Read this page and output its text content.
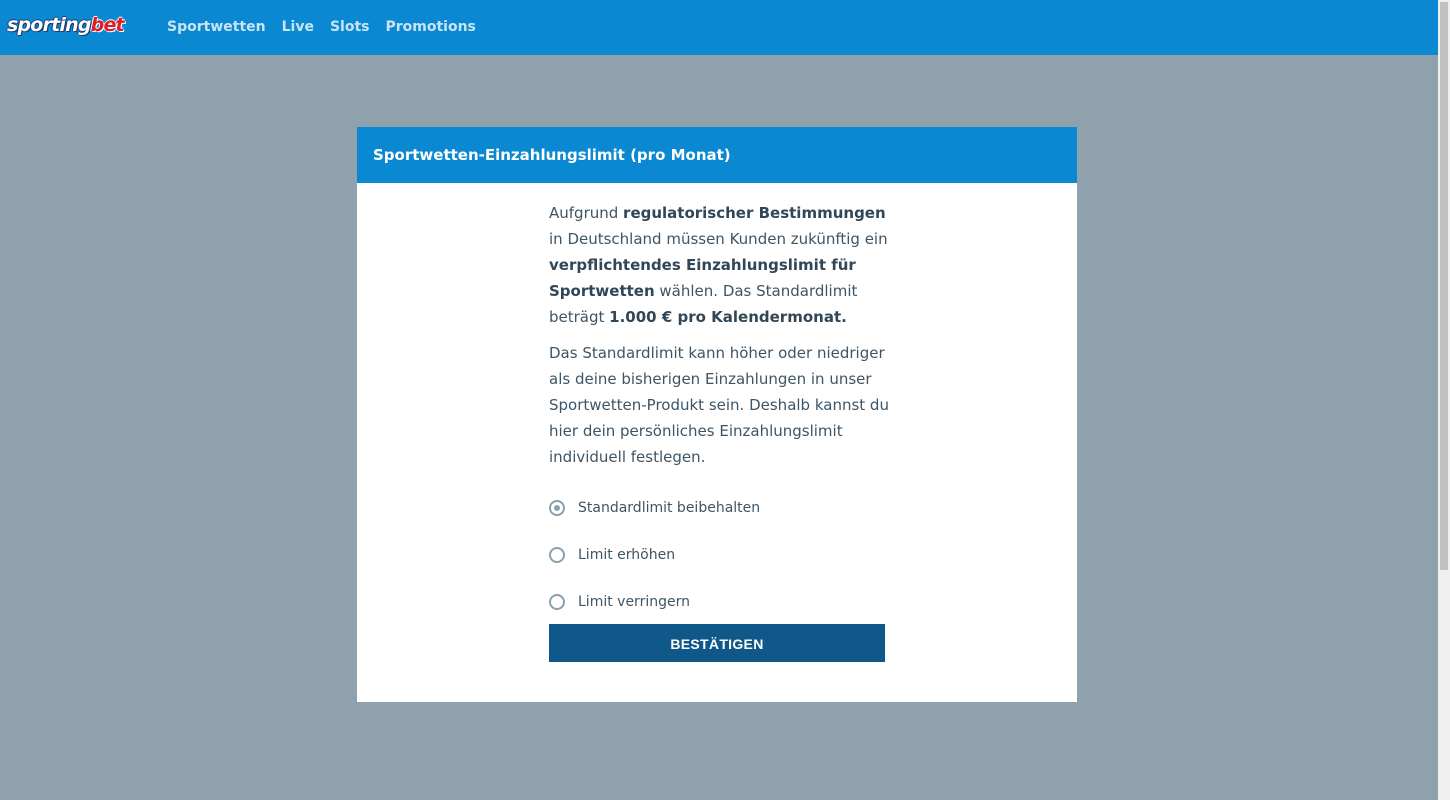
sportingbet	Sportwetten Live Slots Promotions
Sportwetten-Einzahlungslimit (pro Monat)

Aufgrund regulatorischer Bestimmungen in Deutschland müssen Kunden zukünftig ein verpflichtendes Einzahlungslimit für Sportwetten wählen. Das Standardlimit beträgt 1.000 € pro Kalendermonat.

Das Standardlimit kann höher oder niedriger als deine bisherigen Einzahlungen in unser Sportwetten-Produkt sein. Deshalb kannst du hier dein persönliches Einzahlungslimit individuell festlegen.

Standardlimit beibehalten
Limit erhöhen
Limit verringern
BESTÄTIGEN
